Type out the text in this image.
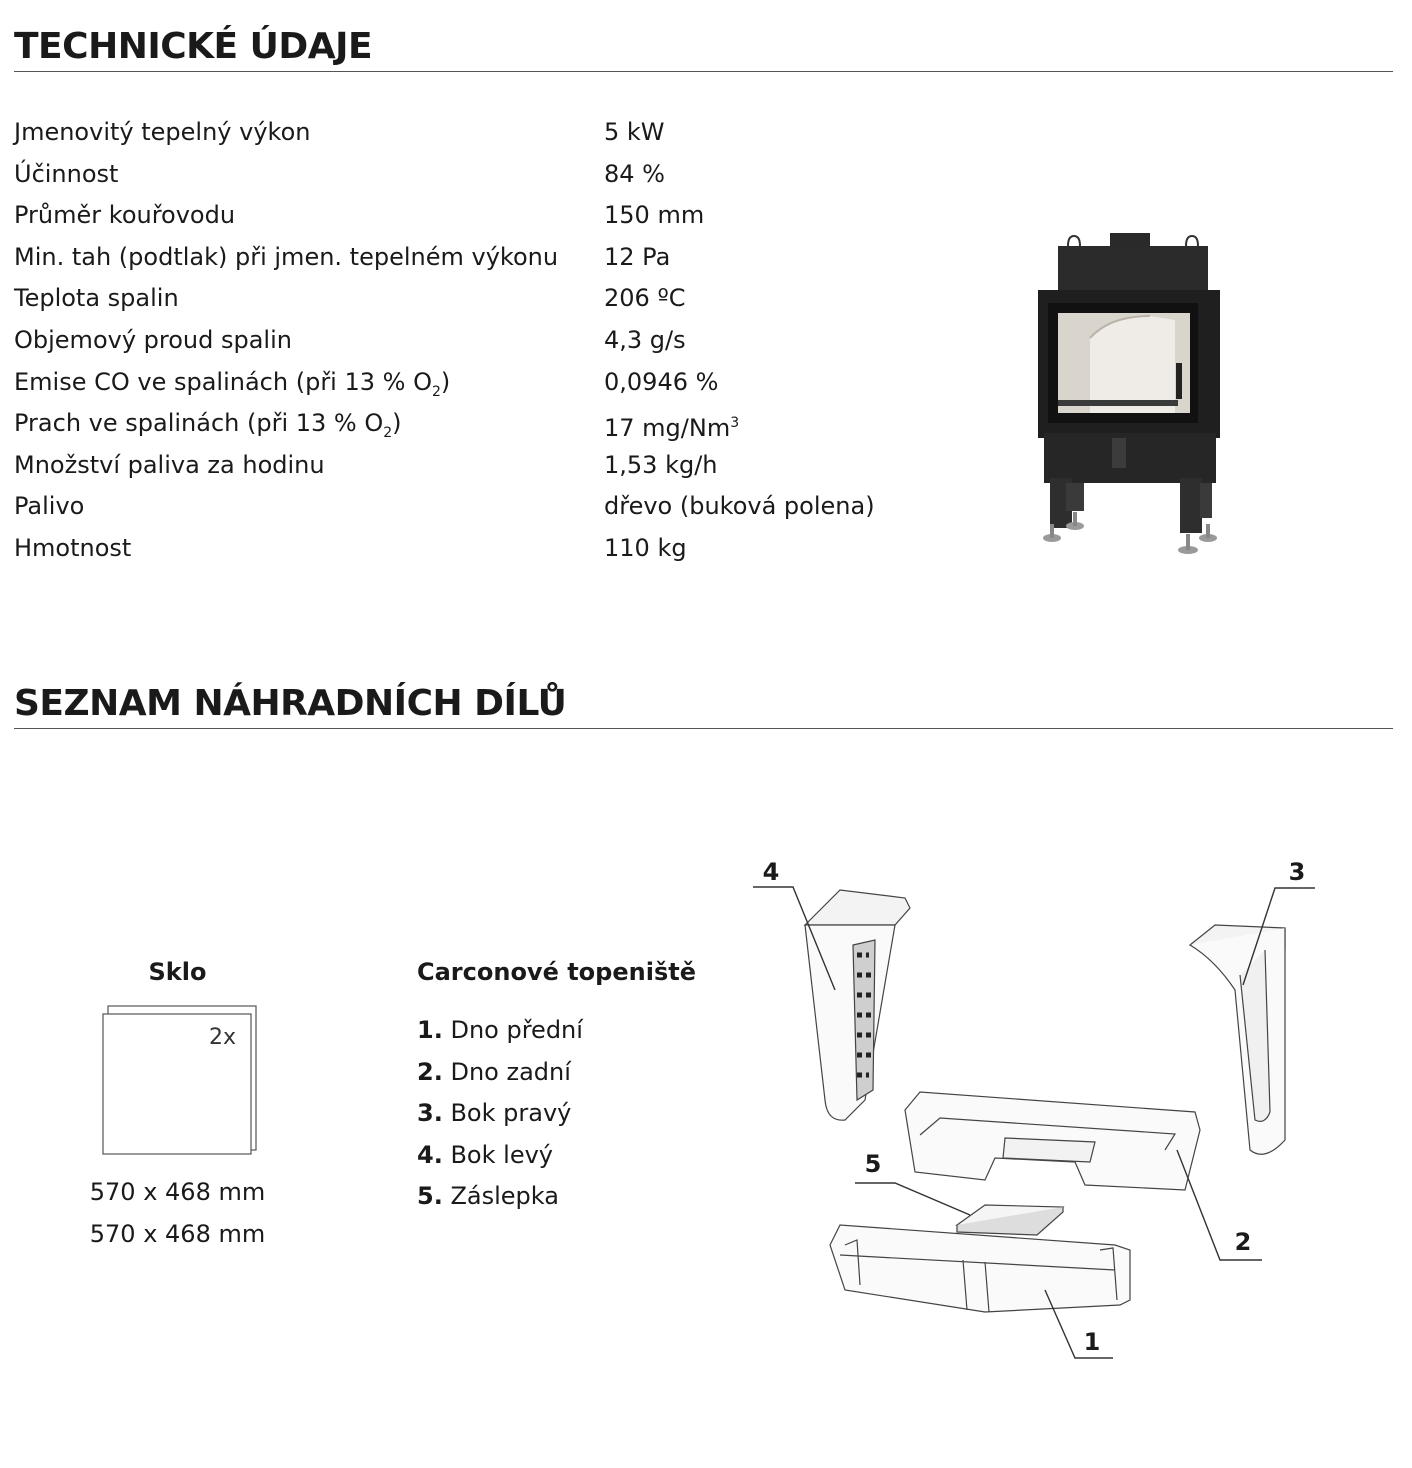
TECHNICKÉ ÚDAJE
Jmenovitý tepelný výkon	5 kW
Účinnost	84 %
Průměr kouřovodu	150 mm
Min. tah (podtlak) při jmen. tepelném výkonu 12 Pa
Teplota spalin	206 ºC
Objemový proud spalin	4,3 g/s
Emise CO ve spalinách (při 13 % $O_2$)	0,0946 %
Prach ve spalinách (při 13 % $O_2$)	17 mg/Nm$^3$
Množství paliva za hodinu	1,53 kg/h
Palivo	dřevo (buková polena)
Hmotnost	110 kg
SEZNAM NÁHRADNÍCH DÍLŮ
Sklo
2x
570 x 468 mm
570 x 468 mm
Carconové topeniště
1. Dno přední
2. Dno zadní
3. Bok pravý
4. Bok levý
5. Záslepka
4	3
2
5
1
